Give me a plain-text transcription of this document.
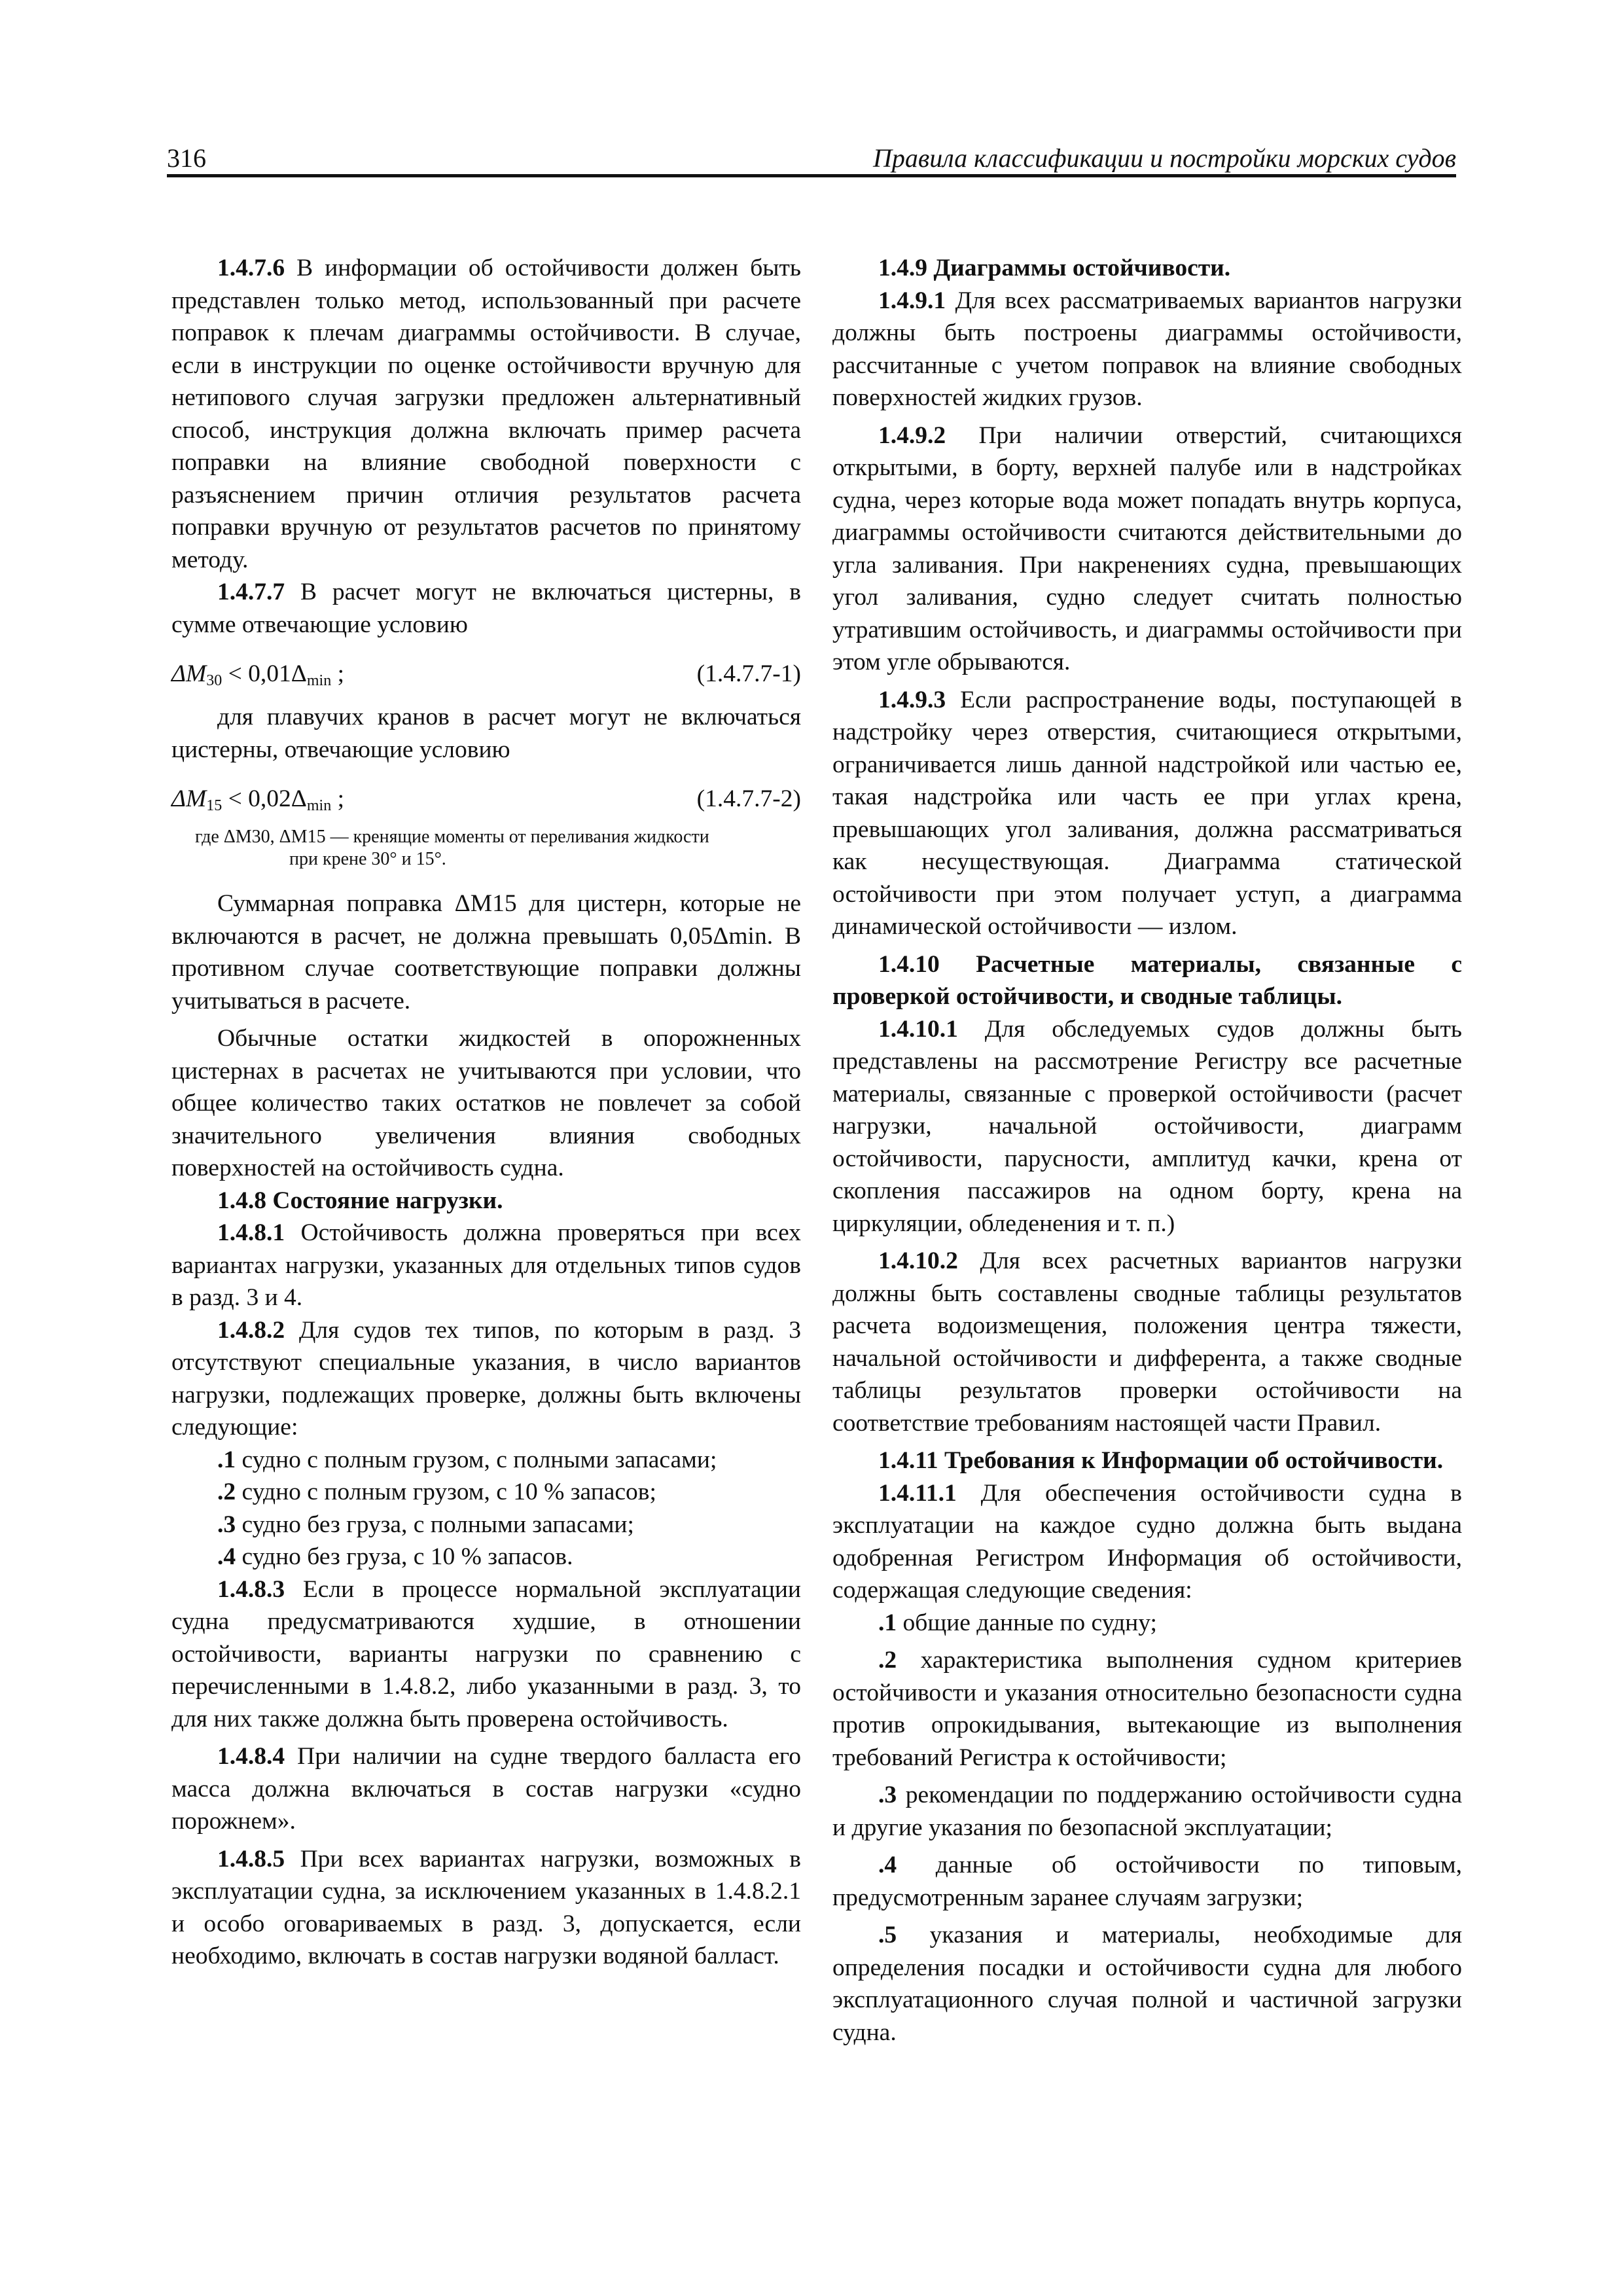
316	Правила классификации и постройки морских судов

1.4.7.6 В информации об остойчивости должен быть представлен только метод, использованный при расчете поправок к плечам диаграммы остойчивости. В случае, если в инструкции по оценке остойчивости вручную для нетипового случая загрузки предложен альтернативный способ, инструкция должна включать пример расчета поправки на влияние свободной поверхности с разъяснением причин отличия результатов расчета поправки вручную от результатов расчетов по принятому методу.

1.4.7.7 В расчет могут не включаться цистерны, в сумме отвечающие условию

$\Delta M_{30} < 0,01\Delta_{min}$ ;	(1.4.7.7-1)

для плавучих кранов в расчет могут не включаться цистерны, отвечающие условию

$\Delta M_{15} < 0,02\Delta_{min}$ ;	(1.4.7.7-2)
где ΔM30, ΔM15 — кренящие моменты от переливания жидкости
при крене 30° и 15°.

Суммарная поправка ΔM15 для цистерн, которые не включаются в расчет, не должна превышать 0,05Δmin. В противном случае соответствующие поправки должны учитываться в расчете.

Обычные остатки жидкостей в опорожненных цистернах в расчетах не учитываются при условии, что общее количество таких остатков не повлечет за собой значительного увеличения влияния свободных поверхностей на остойчивость судна.

1.4.8 Состояние нагрузки.

1.4.8.1 Остойчивость должна проверяться при всех вариантах нагрузки, указанных для отдельных типов судов в разд. 3 и 4.

1.4.8.2 Для судов тех типов, по которым в разд. 3 отсутствуют специальные указания, в число вариантов нагрузки, подлежащих проверке, должны быть включены следующие:

.1 судно с полным грузом, с полными запасами;

.2 судно с полным грузом, с 10 % запасов;

.3 судно без груза, с полными запасами;

.4 судно без груза, с 10 % запасов.

1.4.8.3 Если в процессе нормальной эксплуатации судна предусматриваются худшие, в отношении остойчивости, варианты нагрузки по сравнению с перечисленными в 1.4.8.2, либо указанными в разд. 3, то для них также должна быть проверена остойчивость.

1.4.8.4 При наличии на судне твердого балласта его масса должна включаться в состав нагрузки «судно порожнем».

1.4.8.5 При всех вариантах нагрузки, возможных в эксплуатации судна, за исключением указанных в 1.4.8.2.1 и особо оговариваемых в разд. 3, допускается, если необходимо, включать в состав нагрузки водяной балласт.

1.4.9 Диаграммы остойчивости.

1.4.9.1 Для всех рассматриваемых вариантов нагрузки должны быть построены диаграммы остойчивости, рассчитанные с учетом поправок на влияние свободных поверхностей жидких грузов.

1.4.9.2 При наличии отверстий, считающихся открытыми, в борту, верхней палубе или в надстройках судна, через которые вода может попадать внутрь корпуса, диаграммы остойчивости считаются действительными до угла заливания. При накренениях судна, превышающих угол заливания, судно следует считать полностью утратившим остойчивость, и диаграммы остойчивости при этом угле обрываются.

1.4.9.3 Если распространение воды, поступающей в надстройку через отверстия, считающиеся открытыми, ограничивается лишь данной надстройкой или частью ее, такая надстройка или часть ее при углах крена, превышающих угол заливания, должна рассматриваться как несуществующая. Диаграмма статической остойчивости при этом получает уступ, а диаграмма динамической остойчивости — излом.

1.4.10 Расчетные материалы, связанные с проверкой остойчивости, и сводные таблицы.

1.4.10.1 Для обследуемых судов должны быть представлены на рассмотрение Регистру все расчетные материалы, связанные с проверкой остойчивости (расчет нагрузки, начальной остойчивости, диаграмм остойчивости, парусности, амплитуд качки, крена от скопления пассажиров на одном борту, крена на циркуляции, обледенения и т. п.)

1.4.10.2 Для всех расчетных вариантов нагрузки должны быть составлены сводные таблицы результатов расчета водоизмещения, положения центра тяжести, начальной остойчивости и дифферента, а также сводные таблицы результатов проверки остойчивости на соответствие требованиям настоящей части Правил.

1.4.11 Требования к Информации об остойчивости.

1.4.11.1 Для обеспечения остойчивости судна в эксплуатации на каждое судно должна быть выдана одобренная Регистром Информация об остойчивости, содержащая следующие сведения:

.1 общие данные по судну;

.2 характеристика выполнения судном критериев остойчивости и указания относительно безопасности судна против опрокидывания, вытекающие из выполнения требований Регистра к остойчивости;

.3 рекомендации по поддержанию остойчивости судна и другие указания по безопасной эксплуатации;

.4 данные об остойчивости по типовым, предусмотренным заранее случаям загрузки;

.5 указания и материалы, необходимые для определения посадки и остойчивости судна для любого эксплуатационного случая полной и частичной загрузки судна.
